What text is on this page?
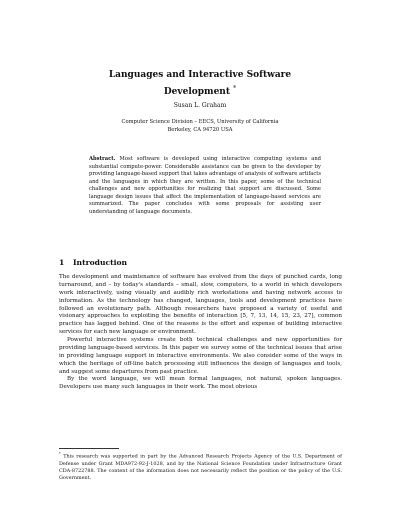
Languages and Interactive Software
Development *
Susan L. Graham
Computer Science Division – EECS, University of California
Berkeley, CA 94720 USA
Abstract. Most software is developed using interactive computing systems and substantial compute-power. Considerable assistance can be given to the developer by providing language-based support that takes advantage of analysis of software artifacts and the languages in which they are written. In this paper, some of the technical challenges and new opportunities for realizing that support are discussed. Some language design issues that affect the implementation of language-based services are summarized. The paper concludes with some proposals for assisting user understanding of language documents.
1 Introduction

The development and maintenance of software has evolved from the days of punched cards, long turnaround, and – by today's standards – small, slow, computers, to a world in which developers work interactively, using visually and audibly rich workstations and having network access to information. As the technology has changed, languages, tools and development practices have followed an evolutionary path. Although researchers have proposed a variety of useful and visionary approaches to exploiting the benefits of interaction [5, 7, 13, 14, 15, 23, 27], common practice has lagged behind. One of the reasons is the effort and expense of building interactive services for each new language or environment.

Powerful interactive systems create both technical challenges and new opportunities for providing language-based services. In this paper we survey some of the technical issues that arise in providing language support in interactive environments. We also consider some of the ways in which the heritage of off-line batch processing still influences the design of languages and tools, and suggest some departures from past practice.

By the word language, we will mean formal languages, not natural, spoken languages. Developers use many such languages in their work. The most obvious

* This research was supported in part by the Advanced Research Projects Agency of the U.S. Department of Defense under Grant MDA972-92-J-1028, and by the National Science Foundation under Infrastructure Grant CDA-8722788. The content of the information does not necessarily reflect the position or the policy of the U.S. Government.
